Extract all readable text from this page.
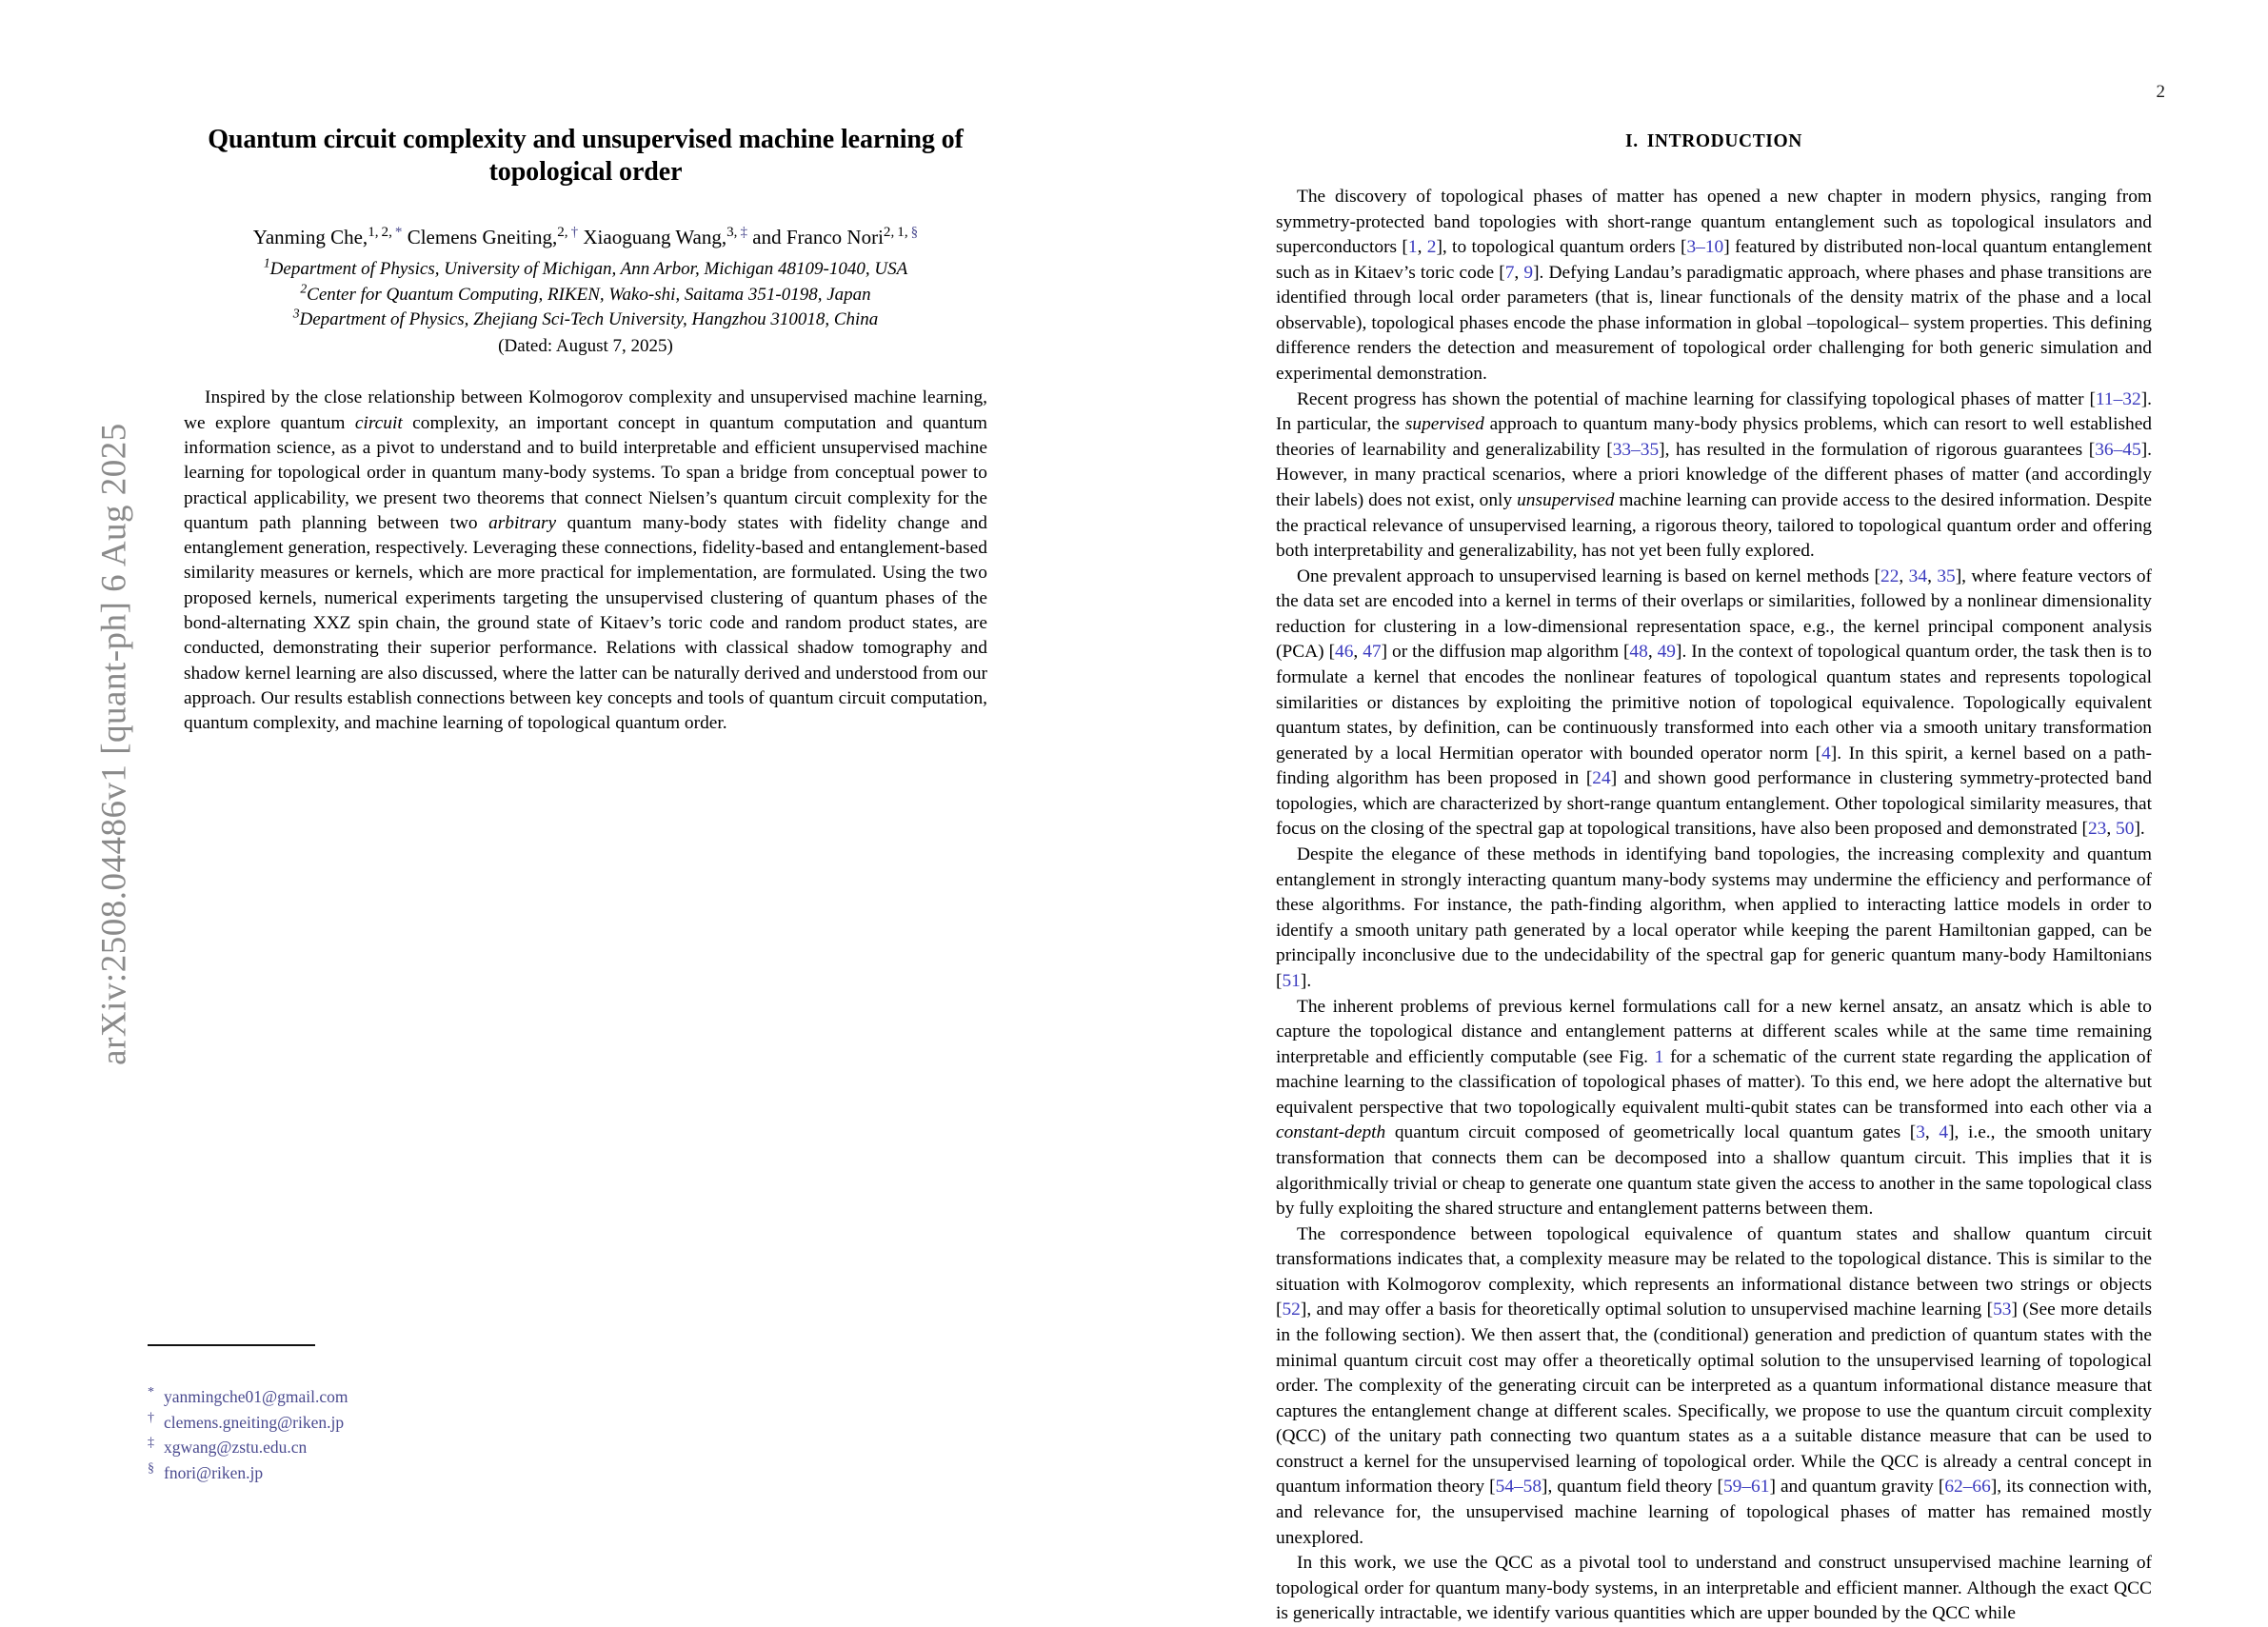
arXiv:2508.04486v1 [quant-ph] 6 Aug 2025
2
Quantum circuit complexity and unsupervised machine learning of topological order
Yanming Che,$^{1, 2, *}$ Clemens Gneiting,$^{2, \dagger}$ Xiaoguang Wang,$^{3, \ddagger}$ and Franco Nori$^{2, 1, \S}$
$^1$Department of Physics, University of Michigan, Ann Arbor, Michigan 48109-1040, USA
$^2$Center for Quantum Computing, RIKEN, Wako-shi, Saitama 351-0198, Japan
$^3$Department of Physics, Zhejiang Sci-Tech University, Hangzhou 310018, China
(Dated: August 7, 2025)

Inspired by the close relationship between Kolmogorov complexity and unsupervised machine learning, we explore quantum circuit complexity, an important concept in quantum computation and quantum information science, as a pivot to understand and to build interpretable and efficient unsupervised machine learning for topological order in quantum many-body systems. To span a bridge from conceptual power to practical applicability, we present two theorems that connect Nielsen’s quantum circuit complexity for the quantum path planning between two arbitrary quantum many-body states with fidelity change and entanglement generation, respectively. Leveraging these connections, fidelity-based and entanglement-based similarity measures or kernels, which are more practical for implementation, are formulated. Using the two proposed kernels, numerical experiments targeting the unsupervised clustering of quantum phases of the bond-alternating XXZ spin chain, the ground state of Kitaev’s toric code and random product states, are conducted, demonstrating their superior performance. Relations with classical shadow tomography and shadow kernel learning are also discussed, where the latter can be naturally derived and understood from our approach. Our results establish connections between key concepts and tools of quantum circuit computation, quantum complexity, and machine learning of topological quantum order.

* yanmingche01@gmail.com
† clemens.gneiting@riken.jp
‡ xgwang@zstu.edu.cn
§ fnori@riken.jp
I. INTRODUCTION

The discovery of topological phases of matter has opened a new chapter in modern physics, ranging from symmetry-protected band topologies with short-range quantum entanglement such as topological insulators and superconductors [1, 2], to topological quantum orders [3–10] featured by distributed non-local quantum entanglement such as in Kitaev’s toric code [7, 9]. Defying Landau’s paradigmatic approach, where phases and phase transitions are identified through local order parameters (that is, linear functionals of the density matrix of the phase and a local observable), topological phases encode the phase information in global –topological– system properties. This defining difference renders the detection and measurement of topological order challenging for both generic simulation and experimental demonstration.

Recent progress has shown the potential of machine learning for classifying topological phases of matter [11–32]. In particular, the supervised approach to quantum many-body physics problems, which can resort to well established theories of learnability and generalizability [33–35], has resulted in the formulation of rigorous guarantees [36–45]. However, in many practical scenarios, where a priori knowledge of the different phases of matter (and accordingly their labels) does not exist, only unsupervised machine learning can provide access to the desired information. Despite the practical relevance of unsupervised learning, a rigorous theory, tailored to topological quantum order and offering both interpretability and generalizability, has not yet been fully explored.

One prevalent approach to unsupervised learning is based on kernel methods [22, 34, 35], where feature vectors of the data set are encoded into a kernel in terms of their overlaps or similarities, followed by a nonlinear dimensionality reduction for clustering in a low-dimensional representation space, e.g., the kernel principal component analysis (PCA) [46, 47] or the diffusion map algorithm [48, 49]. In the context of topological quantum order, the task then is to formulate a kernel that encodes the nonlinear features of topological quantum states and represents topological similarities or distances by exploiting the primitive notion of topological equivalence. Topologically equivalent quantum states, by definition, can be continuously transformed into each other via a smooth unitary transformation generated by a local Hermitian operator with bounded operator norm [4]. In this spirit, a kernel based on a path-finding algorithm has been proposed in [24] and shown good performance in clustering symmetry-protected band topologies, which are characterized by short-range quantum entanglement. Other topological similarity measures, that focus on the closing of the spectral gap at topological transitions, have also been proposed and demonstrated [23, 50].

Despite the elegance of these methods in identifying band topologies, the increasing complexity and quantum entanglement in strongly interacting quantum many-body systems may undermine the efficiency and performance of these algorithms. For instance, the path-finding algorithm, when applied to interacting lattice models in order to identify a smooth unitary path generated by a local operator while keeping the parent Hamiltonian gapped, can be principally inconclusive due to the undecidability of the spectral gap for generic quantum many-body Hamiltonians [51].

The inherent problems of previous kernel formulations call for a new kernel ansatz, an ansatz which is able to capture the topological distance and entanglement patterns at different scales while at the same time remaining interpretable and efficiently computable (see Fig. 1 for a schematic of the current state regarding the application of machine learning to the classification of topological phases of matter). To this end, we here adopt the alternative but equivalent perspective that two topologically equivalent multi-qubit states can be transformed into each other via a constant-depth quantum circuit composed of geometrically local quantum gates [3, 4], i.e., the smooth unitary transformation that connects them can be decomposed into a shallow quantum circuit. This implies that it is algorithmically trivial or cheap to generate one quantum state given the access to another in the same topological class by fully exploiting the shared structure and entanglement patterns between them.

The correspondence between topological equivalence of quantum states and shallow quantum circuit transformations indicates that, a complexity measure may be related to the topological distance. This is similar to the situation with Kolmogorov complexity, which represents an informational distance between two strings or objects [52], and may offer a basis for theoretically optimal solution to unsupervised machine learning [53] (See more details in the following section). We then assert that, the (conditional) generation and prediction of quantum states with the minimal quantum circuit cost may offer a theoretically optimal solution to the unsupervised learning of topological order. The complexity of the generating circuit can be interpreted as a quantum informational distance measure that captures the entanglement change at different scales. Specifically, we propose to use the quantum circuit complexity (QCC) of the unitary path connecting two quantum states as a a suitable distance measure that can be used to construct a kernel for the unsupervised learning of topological order. While the QCC is already a central concept in quantum information theory [54–58], quantum field theory [59–61] and quantum gravity [62–66], its connection with, and relevance for, the unsupervised machine learning of topological phases of matter has remained mostly unexplored.

In this work, we use the QCC as a pivotal tool to understand and construct unsupervised machine learning of topological order for quantum many-body systems, in an interpretable and efficient manner. Although the exact QCC is generically intractable, we identify various quantities which are upper bounded by the QCC while
